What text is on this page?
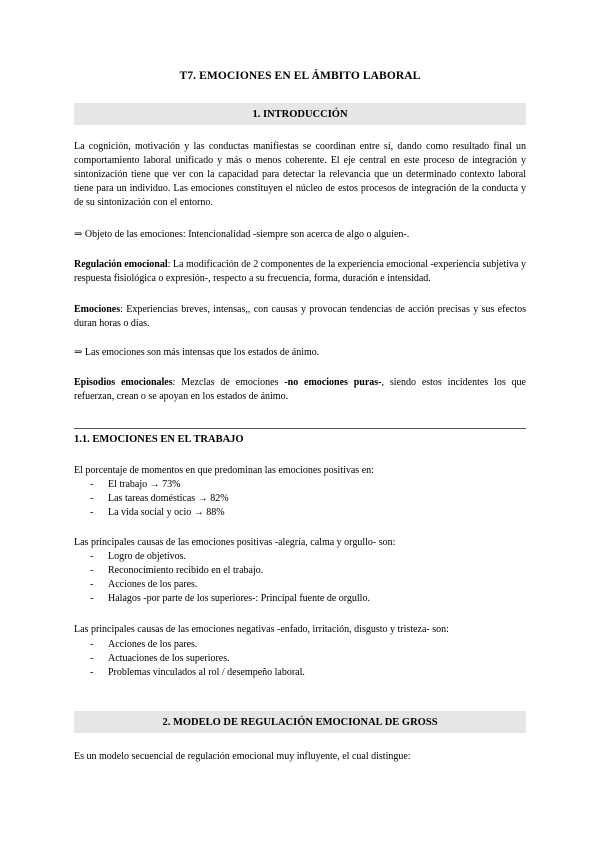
T7. EMOCIONES EN EL ÁMBITO LABORAL
1. INTRODUCCIÓN

La cognición, motivación y las conductas manifiestas se coordinan entre sí, dando como resultado final un comportamiento laboral unificado y más o menos coherente. El eje central en este proceso de integración y sintonización tiene que ver con la capacidad para detectar la relevancia que un determinado contexto laboral tiene para un individuo. Las emociones constituyen el núcleo de estos procesos de integración de la conducta y de su sintonización con el entorno.

⇒ Objeto de las emociones: Intencionalidad -siempre son acerca de algo o alguien-.

Regulación emocional: La modificación de 2 componentes de la experiencia emocional -experiencia subjetiva y respuesta fisiológica o expresión-, respecto a su frecuencia, forma, duración e intensidad.

Emociones: Experiencias breves, intensas,, con causas y provocan tendencias de acción precisas y sus efectos duran horas o días.

⇒ Las emociones son más intensas que los estados de ánimo.

Episodios emocionales: Mezclas de emociones -no emociones puras-, siendo estos incidentes los que refuerzan, crean o se apoyan en los estados de ánimo.

1.1. EMOCIONES EN EL TRABAJO

El porcentaje de momentos en que predominan las emociones positivas en:

- El trabajo → 73%
- Las tareas domésticas → 82%
- La vida social y ocio → 88%

Las principales causas de las emociones positivas -alegría, calma y orgullo- son:

- Logro de objetivos.
- Reconocimiento recibido en el trabajo.
- Acciones de los pares.
- Halagos -por parte de los superiores-: Principal fuente de orgullo.

Las principales causas de las emociones negativas -enfado, irritación, disgusto y tristeza- son:

- Acciones de los pares.
- Actuaciones de los superiores.
- Problemas vinculados al rol / desempeño laboral.
2. MODELO DE REGULACIÓN EMOCIONAL DE GROSS

Es un modelo secuencial de regulación emocional muy influyente, el cual distingue:
